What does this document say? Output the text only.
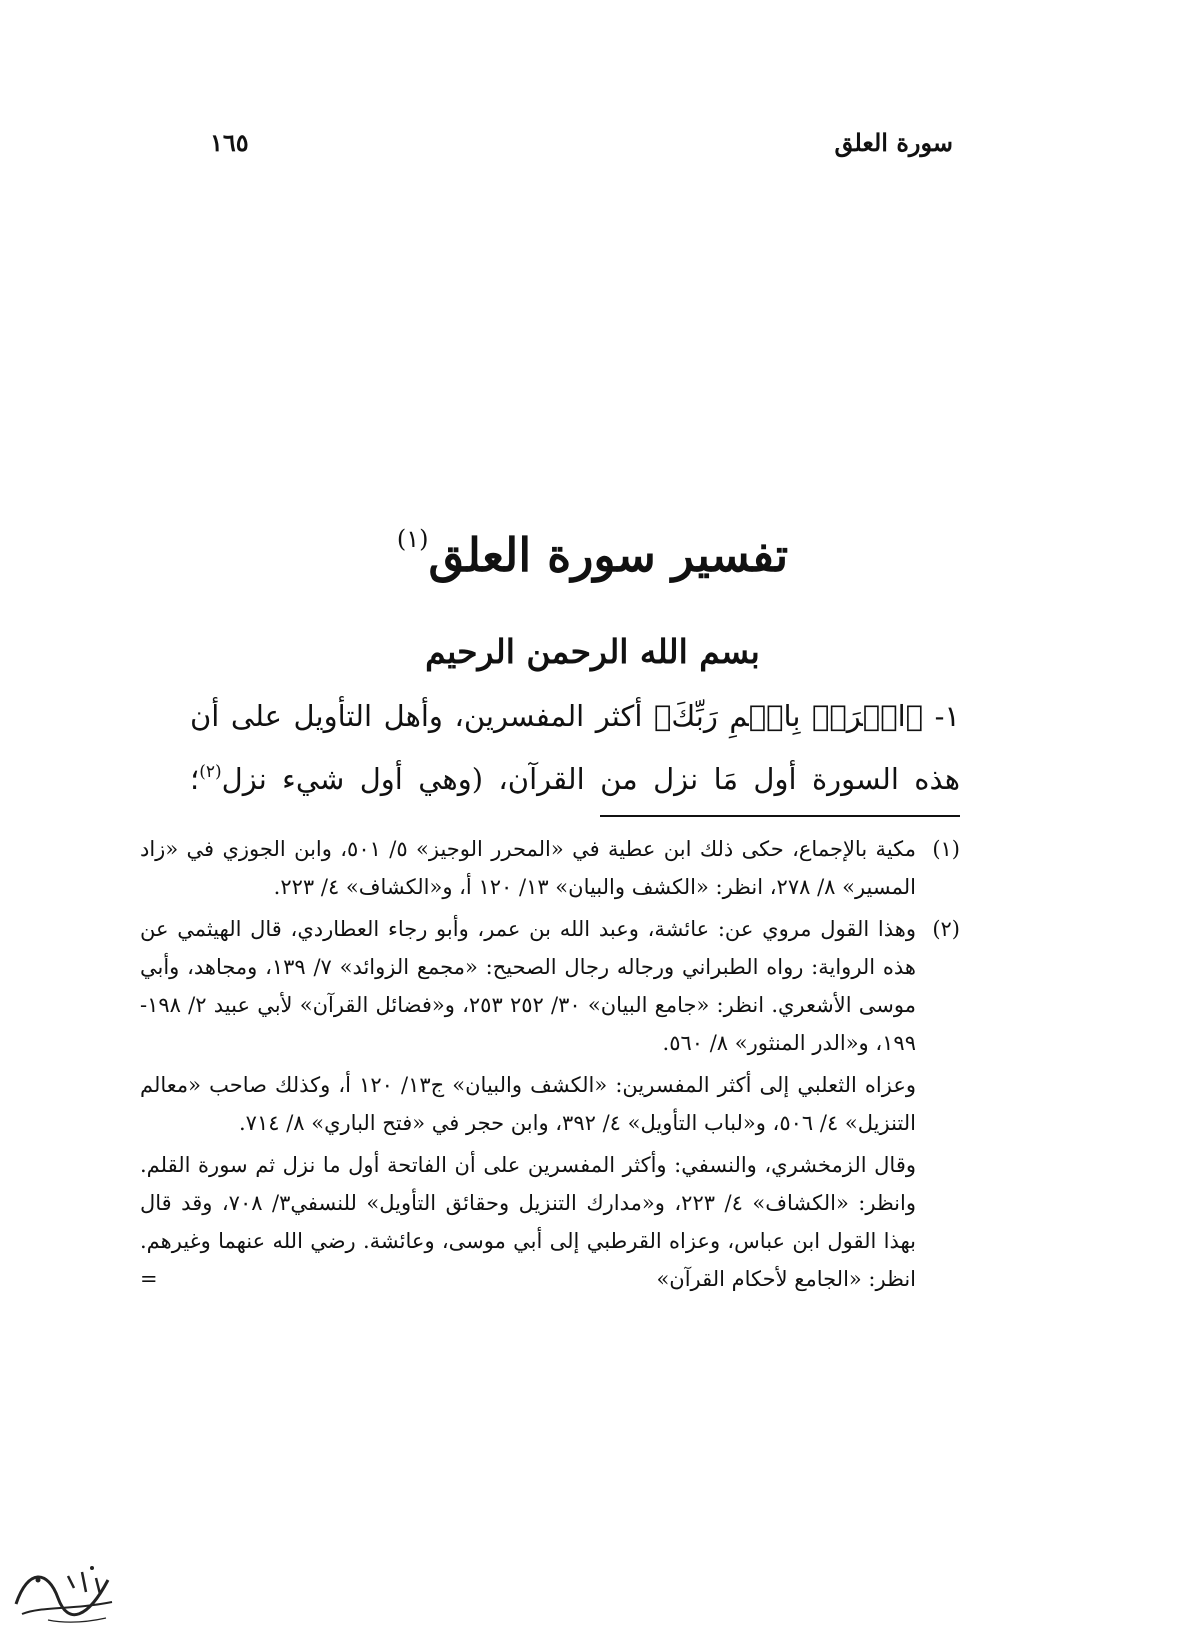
سورة العلق
١٦٥
تفسير سورة العلق$^{(١)}$
بسم الله الرحمن الرحيم
١- ﴿اقۡرَأۡ بِاسۡمِ رَبِّكَ﴾ أكثر المفسرين، وأهل التأويل على أن هذه السورة أول مَا نزل من القرآن، (وهي أول شيء نزل$^{(٢)}$؛
(١)
مكية بالإجماع، حكى ذلك ابن عطية في «المحرر الوجيز» ٥/ ٥٠١، وابن الجوزي في «زاد المسير» ٨/ ٢٧٨، انظر: «الكشف والبيان» ١٣/ ١٢٠ أ، و«الكشاف» ٤/ ٢٢٣.
(٢)
وهذا القول مروي عن: عائشة، وعبد الله بن عمر، وأبو رجاء العطاردي، قال الهيثمي عن هذه الرواية: رواه الطبراني ورجاله رجال الصحيح: «مجمع الزوائد» ٧/ ١٣٩، ومجاهد، وأبي موسى الأشعري. انظر: «جامع البيان» ٣٠/ ٢٥٢ ٢٥٣، و«فضائل القرآن» لأبي عبيد ٢/ ١٩٨- ١٩٩، و«الدر المنثور» ٨/ ٥٦٠.
وعزاه الثعلبي إلى أكثر المفسرين: «الكشف والبيان» ج١٣/ ١٢٠ أ، وكذلك صاحب «معالم التنزيل» ٤/ ٥٠٦، و«لباب التأويل» ٤/ ٣٩٢، وابن حجر في «فتح الباري» ٨/ ٧١٤.
وقال الزمخشري، والنسفي: وأكثر المفسرين على أن الفاتحة أول ما نزل ثم سورة القلم. وانظر: «الكشاف» ٤/ ٢٢٣، و«مدارك التنزيل وحقائق التأويل» للنسفي٣/ ٧٠٨، وقد قال بهذا القول ابن عباس، وعزاه القرطبي إلى أبي موسى، وعائشة. رضي الله عنهما وغيرهم. انظر: «الجامع لأحكام القرآن»
=
